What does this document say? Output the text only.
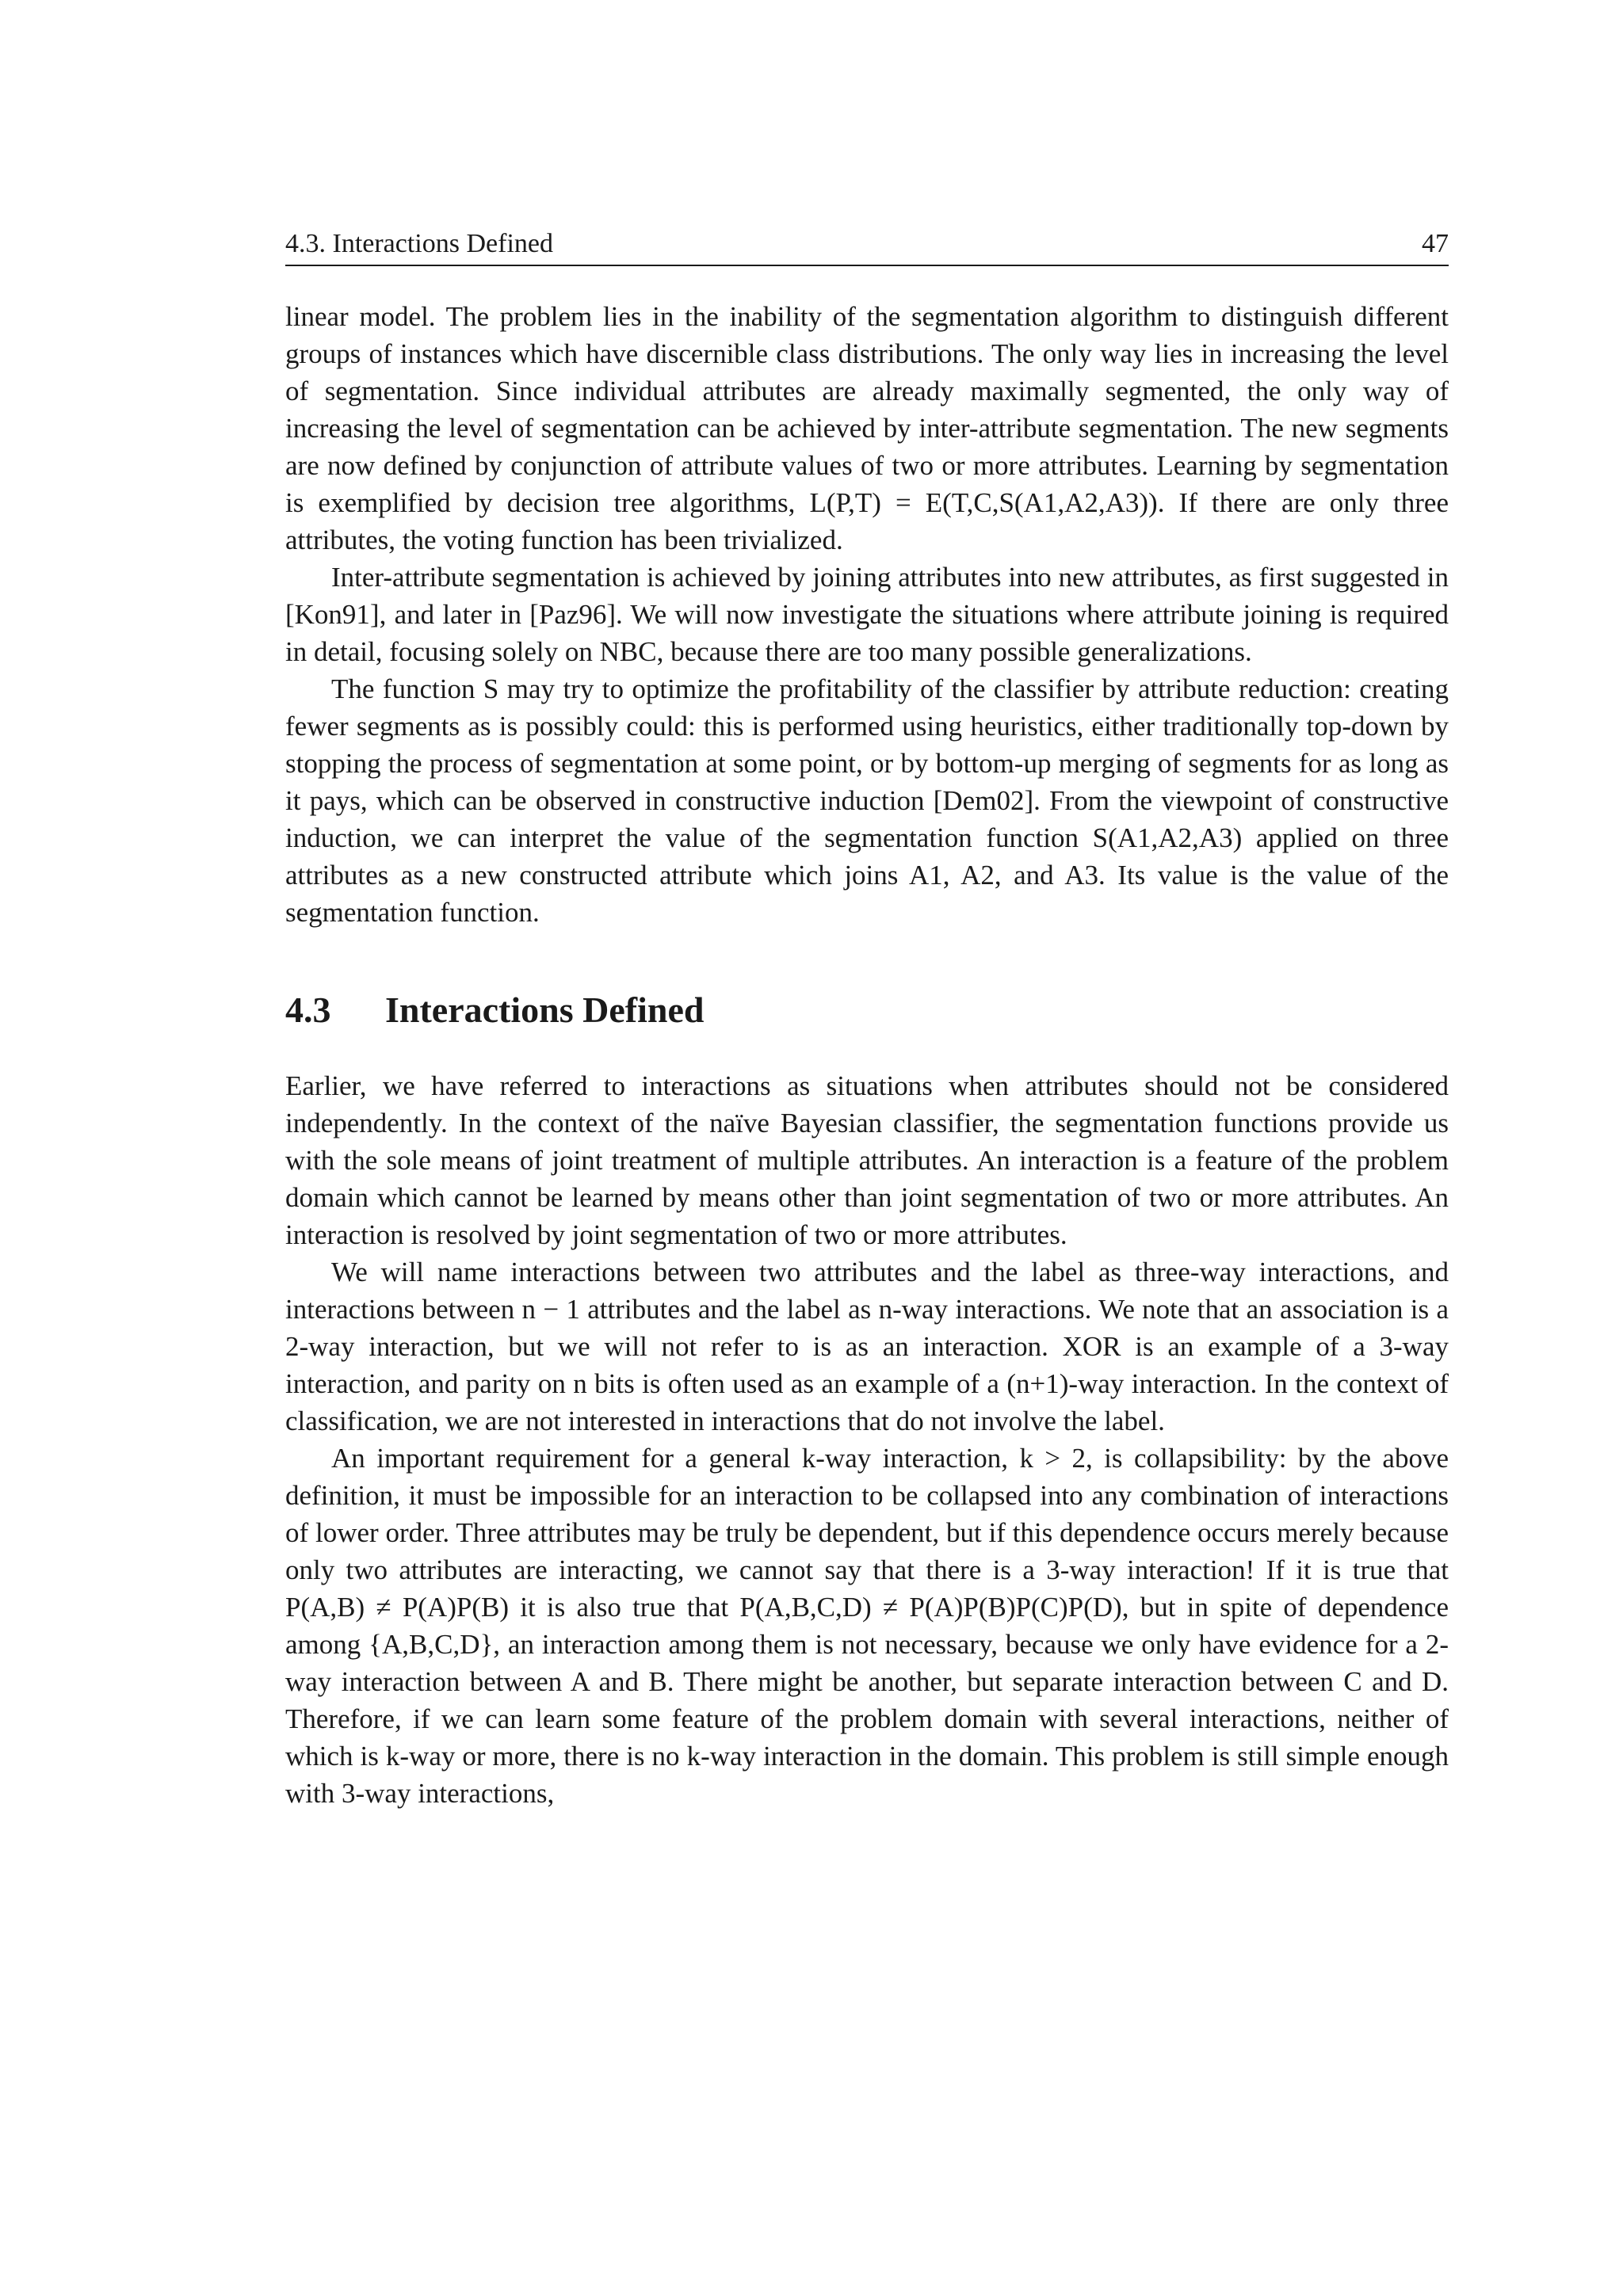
4.3. Interactions Defined	47

linear model. The problem lies in the inability of the segmentation algorithm to distinguish different groups of instances which have discernible class distributions. The only way lies in increasing the level of segmentation. Since individual attributes are already maximally segmented, the only way of increasing the level of segmentation can be achieved by inter-attribute segmentation. The new segments are now defined by conjunction of attribute values of two or more attributes. Learning by segmentation is exemplified by decision tree algorithms, L(P,T) = E(T,C,S(A1,A2,A3)). If there are only three attributes, the voting function has been trivialized.

Inter-attribute segmentation is achieved by joining attributes into new attributes, as first suggested in [Kon91], and later in [Paz96]. We will now investigate the situations where attribute joining is required in detail, focusing solely on NBC, because there are too many possible generalizations.

The function S may try to optimize the profitability of the classifier by attribute reduction: creating fewer segments as is possibly could: this is performed using heuristics, either traditionally top-down by stopping the process of segmentation at some point, or by bottom-up merging of segments for as long as it pays, which can be observed in constructive induction [Dem02]. From the viewpoint of constructive induction, we can interpret the value of the segmentation function S(A1,A2,A3) applied on three attributes as a new constructed attribute which joins A1, A2, and A3. Its value is the value of the segmentation function.

4.3	Interactions Defined

Earlier, we have referred to interactions as situations when attributes should not be considered independently. In the context of the naïve Bayesian classifier, the segmentation functions provide us with the sole means of joint treatment of multiple attributes. An interaction is a feature of the problem domain which cannot be learned by means other than joint segmentation of two or more attributes. An interaction is resolved by joint segmentation of two or more attributes.

We will name interactions between two attributes and the label as three-way interactions, and interactions between n − 1 attributes and the label as n-way interactions. We note that an association is a 2-way interaction, but we will not refer to is as an interaction. XOR is an example of a 3-way interaction, and parity on n bits is often used as an example of a (n+1)-way interaction. In the context of classification, we are not interested in interactions that do not involve the label.

An important requirement for a general k-way interaction, k > 2, is collapsibility: by the above definition, it must be impossible for an interaction to be collapsed into any combination of interactions of lower order. Three attributes may be truly be dependent, but if this dependence occurs merely because only two attributes are interacting, we cannot say that there is a 3-way interaction! If it is true that P(A,B) ≠ P(A)P(B) it is also true that P(A,B,C,D) ≠ P(A)P(B)P(C)P(D), but in spite of dependence among {A,B,C,D}, an interaction among them is not necessary, because we only have evidence for a 2-way interaction between A and B. There might be another, but separate interaction between C and D. Therefore, if we can learn some feature of the problem domain with several interactions, neither of which is k-way or more, there is no k-way interaction in the domain. This problem is still simple enough with 3-way interactions,
